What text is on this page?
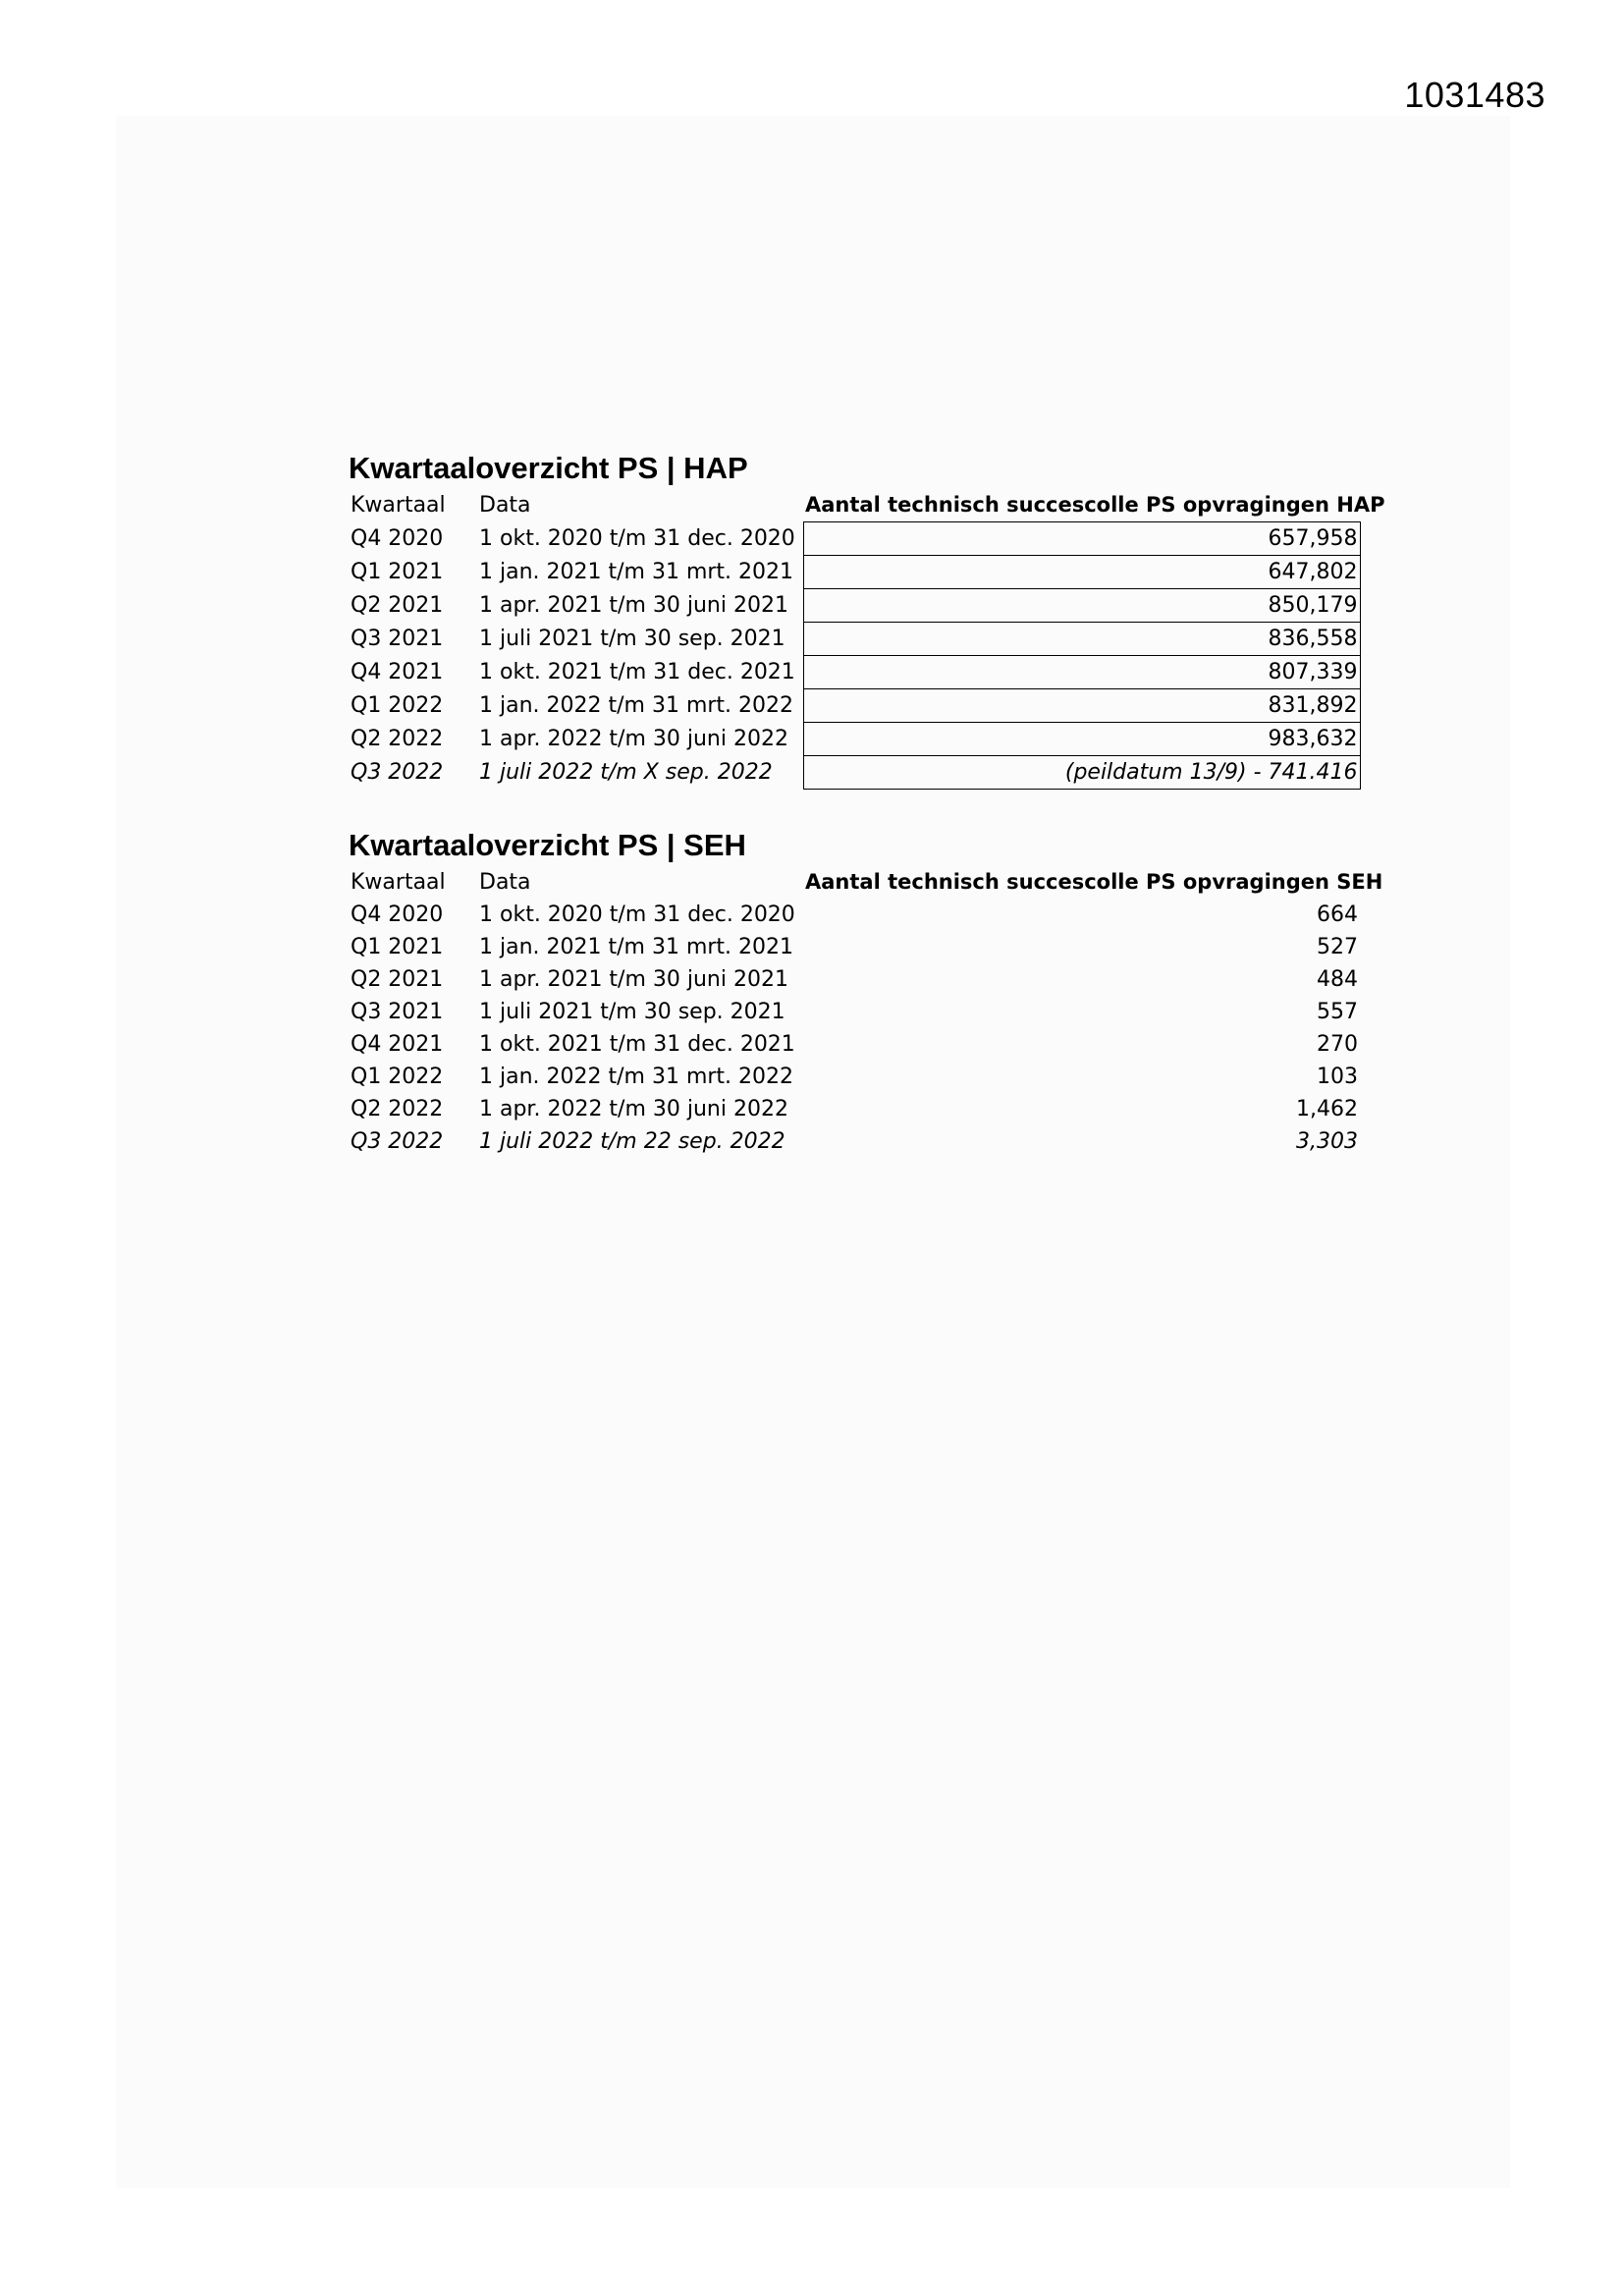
1031483
Kwartaaloverzicht PS | HAP
Kwartaal	Data	Aantal technisch succescolle PS opvragingen HAP
Q4 2020	1 okt. 2020 t/m 31 dec. 2020	657,958
Q1 2021	1 jan. 2021 t/m 31 mrt. 2021	647,802
Q2 2021	1 apr. 2021 t/m 30 juni 2021	850,179
Q3 2021	1 juli 2021 t/m 30 sep. 2021	836,558
Q4 2021	1 okt. 2021 t/m 31 dec. 2021	807,339
Q1 2022	1 jan. 2022 t/m 31 mrt. 2022	831,892
Q2 2022	1 apr. 2022 t/m 30 juni 2022	983,632
Q3 2022	1 juli 2022 t/m X sep. 2022	(peildatum 13/9) - 741.416
Kwartaaloverzicht PS | SEH
Kwartaal	Data	Aantal technisch succescolle PS opvragingen SEH
Q4 2020	1 okt. 2020 t/m 31 dec. 2020	664
Q1 2021	1 jan. 2021 t/m 31 mrt. 2021	527
Q2 2021	1 apr. 2021 t/m 30 juni 2021	484
Q3 2021	1 juli 2021 t/m 30 sep. 2021	557
Q4 2021	1 okt. 2021 t/m 31 dec. 2021	270
Q1 2022	1 jan. 2022 t/m 31 mrt. 2022	103
Q2 2022	1 apr. 2022 t/m 30 juni 2022	1,462
Q3 2022	1 juli 2022 t/m 22 sep. 2022	3,303
